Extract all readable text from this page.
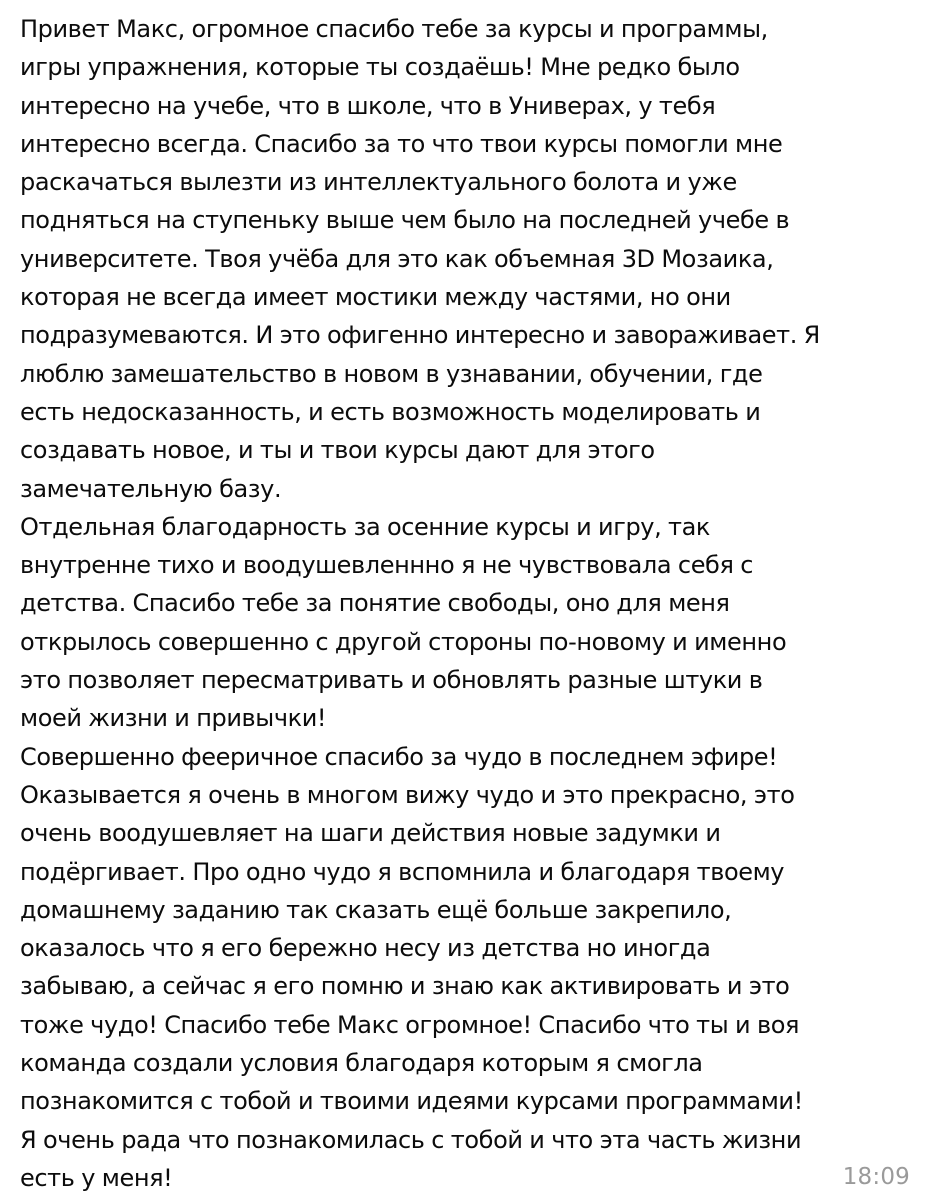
Привет Макс, огромное спасибо тебе за курсы и программы,
игры упражнения, которые ты создаёшь! Мне редко было
интересно на учебе, что в школе, что в Универах, у тебя
интересно всегда. Спасибо за то что твои курсы помогли мне
раскачаться вылезти из интеллектуального болота и уже
подняться на ступеньку выше чем было на последней учебе в
университете. Твоя учёба для это как объемная 3D Мозаика,
которая не всегда имеет мостики между частями, но они
подразумеваются. И это офигенно интересно и завораживает. Я
люблю замешательство в новом в узнавании, обучении, где
есть недосказанность, и есть возможность моделировать и
создавать новое, и ты и твои курсы дают для этого
замечательную базу.
Отдельная благодарность за осенние курсы и игру, так
внутренне тихо и воодушевленнно я не чувствовала себя с
детства. Спасибо тебе за понятие свободы, оно для меня
открылось совершенно с другой стороны по-новому и именно
это позволяет пересматривать и обновлять разные штуки в
моей жизни и привычки!
Совершенно фееричное спасибо за чудо в последнем эфире!
Оказывается я очень в многом вижу чудо и это прекрасно, это
очень воодушевляет на шаги действия новые задумки и
подёргивает. Про одно чудо я вспомнила и благодаря твоему
домашнему заданию так сказать ещё больше закрепило,
оказалось что я его бережно несу из детства но иногда
забываю, а сейчас я его помню и знаю как активировать и это
тоже чудо! Спасибо тебе Макс огромное! Спасибо что ты и воя
команда создали условия благодаря которым я смогла
познакомится с тобой и твоими идеями курсами программами!
Я очень рада что познакомилась с тобой и что эта часть жизни
есть у меня!	18:09
